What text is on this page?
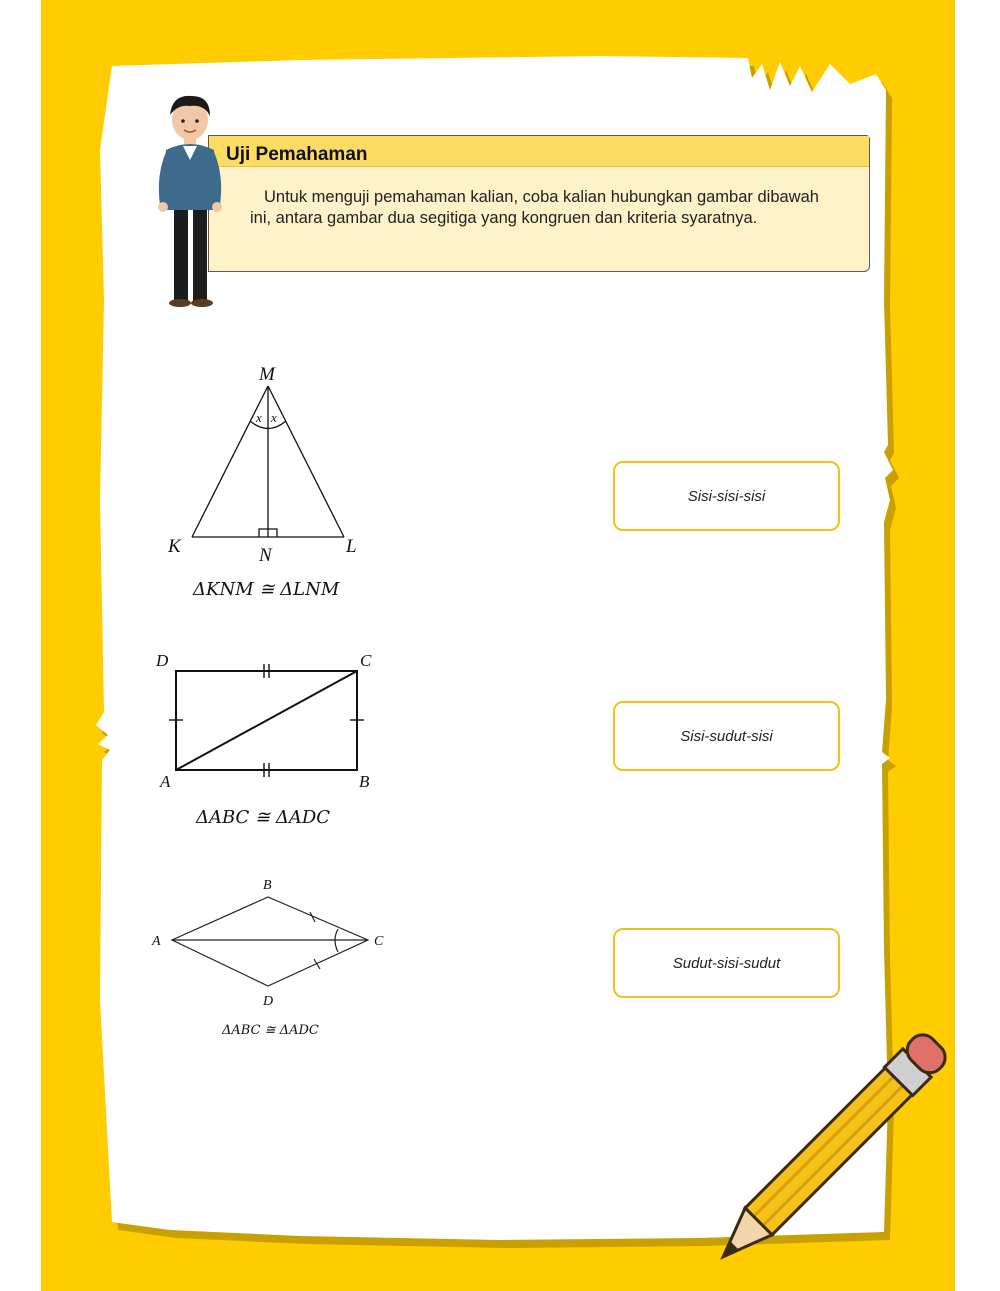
Uji Pemahaman
Untuk menguji pemahaman kalian, coba kalian hubungkan gambar dibawah ini, antara gambar dua segitiga yang kongruen dan kriteria syaratnya.
M
K	N	L
x x
ΔKNM ≅ ΔLNM
D	C
A	B
ΔABC ≅ ΔADC
B
A	C
D
ΔABC ≅ ΔADC
Sisi-sisi-sisi
Sisi-sudut-sisi
Sudut-sisi-sudut
